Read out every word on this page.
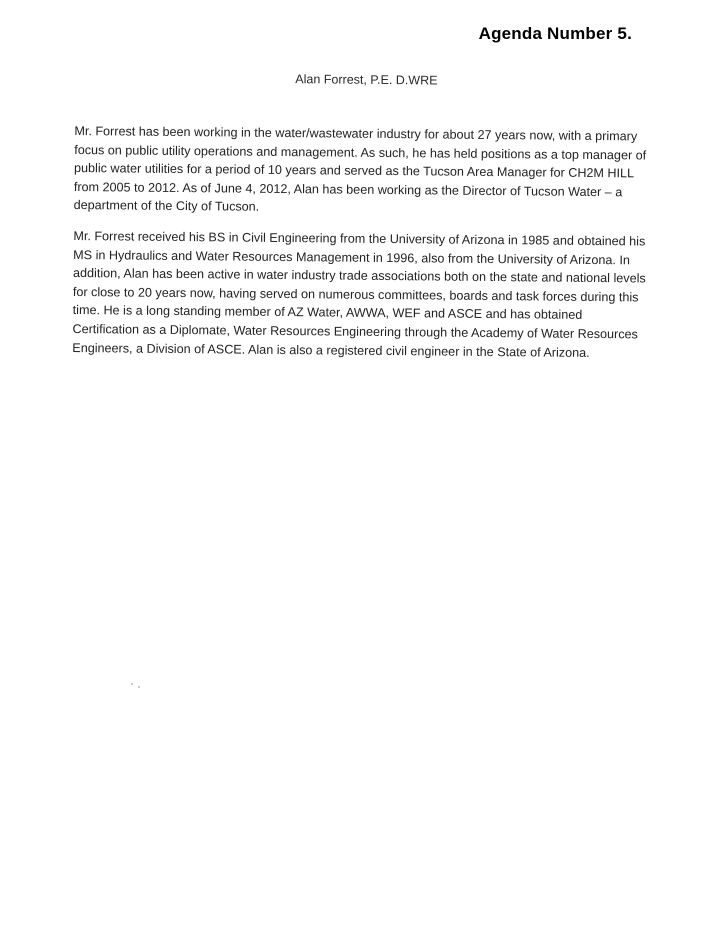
Agenda Number 5.
Alan Forrest, P.E. D.WRE

Mr. Forrest has been working in the water/wastewater industry for about 27 years now, with a primary focus on public utility operations and management. As such, he has held positions as a top manager of public water utilities for a period of 10 years and served as the Tucson Area Manager for CH2M HILL from 2005 to 2012. As of June 4, 2012, Alan has been working as the Director of Tucson Water – a department of the City of Tucson.

Mr. Forrest received his BS in Civil Engineering from the University of Arizona in 1985 and obtained his MS in Hydraulics and Water Resources Management in 1996, also from the University of Arizona. In addition, Alan has been active in water industry trade associations both on the state and national levels for close to 20 years now, having served on numerous committees, boards and task forces during this time. He is a long standing member of AZ Water, AWWA, WEF and ASCE and has obtained Certification as a Diplomate, Water Resources Engineering through the Academy of Water Resources Engineers, a Division of ASCE. Alan is also a registered civil engineer in the State of Arizona.
